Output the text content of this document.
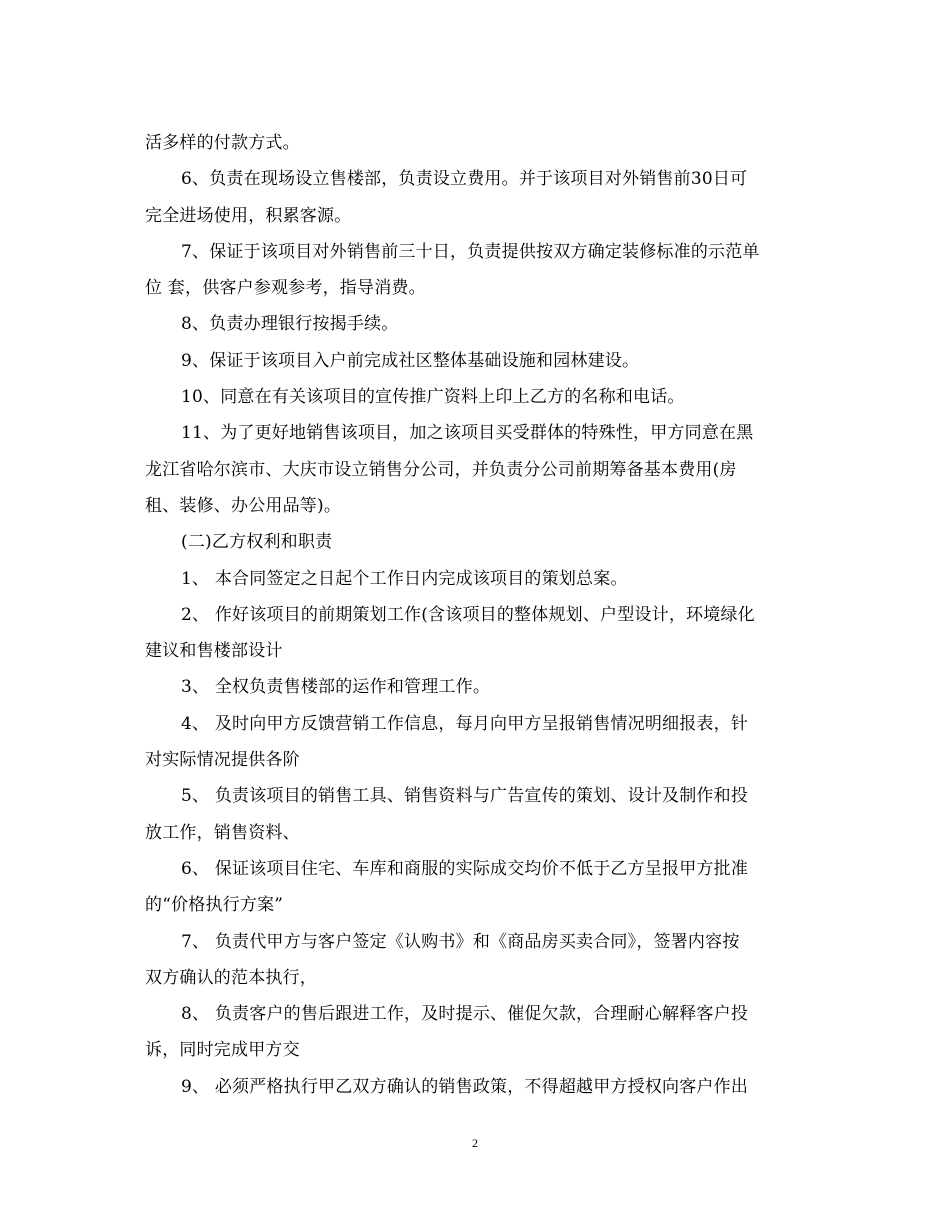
活多样的付款方式。
6、负责在现场设立售楼部，负责设立费用。并于该项目对外销售前30日可
完全进场使用，积累客源。
7、保证于该项目对外销售前三十日，负责提供按双方确定装修标准的示范单
位 套，供客户参观参考，指导消费。
8、负责办理银行按揭手续。
9、保证于该项目入户前完成社区整体基础设施和园林建设。
10、同意在有关该项目的宣传推广资料上印上乙方的名称和电话。
11、为了更好地销售该项目，加之该项目买受群体的特殊性，甲方同意在黑
龙江省哈尔滨市、大庆市设立销售分公司，并负责分公司前期筹备基本费用(房
租、装修、办公用品等)。
(二)乙方权利和职责
1、 本合同签定之日起个工作日内完成该项目的策划总案。
2、 作好该项目的前期策划工作(含该项目的整体规划、户型设计，环境绿化
建议和售楼部设计
3、 全权负责售楼部的运作和管理工作。
4、 及时向甲方反馈营销工作信息，每月向甲方呈报销售情况明细报表，针
对实际情况提供各阶
5、 负责该项目的销售工具、销售资料与广告宣传的策划、设计及制作和投
放工作，销售资料、
6、 保证该项目住宅、车库和商服的实际成交均价不低于乙方呈报甲方批准
的“价格执行方案”
7、 负责代甲方与客户签定《认购书》和《商品房买卖合同》，签署内容按
双方确认的范本执行，
8、 负责客户的售后跟进工作，及时提示、催促欠款，合理耐心解释客户投
诉，同时完成甲方交
9、 必须严格执行甲乙双方确认的销售政策，不得超越甲方授权向客户作出
2
